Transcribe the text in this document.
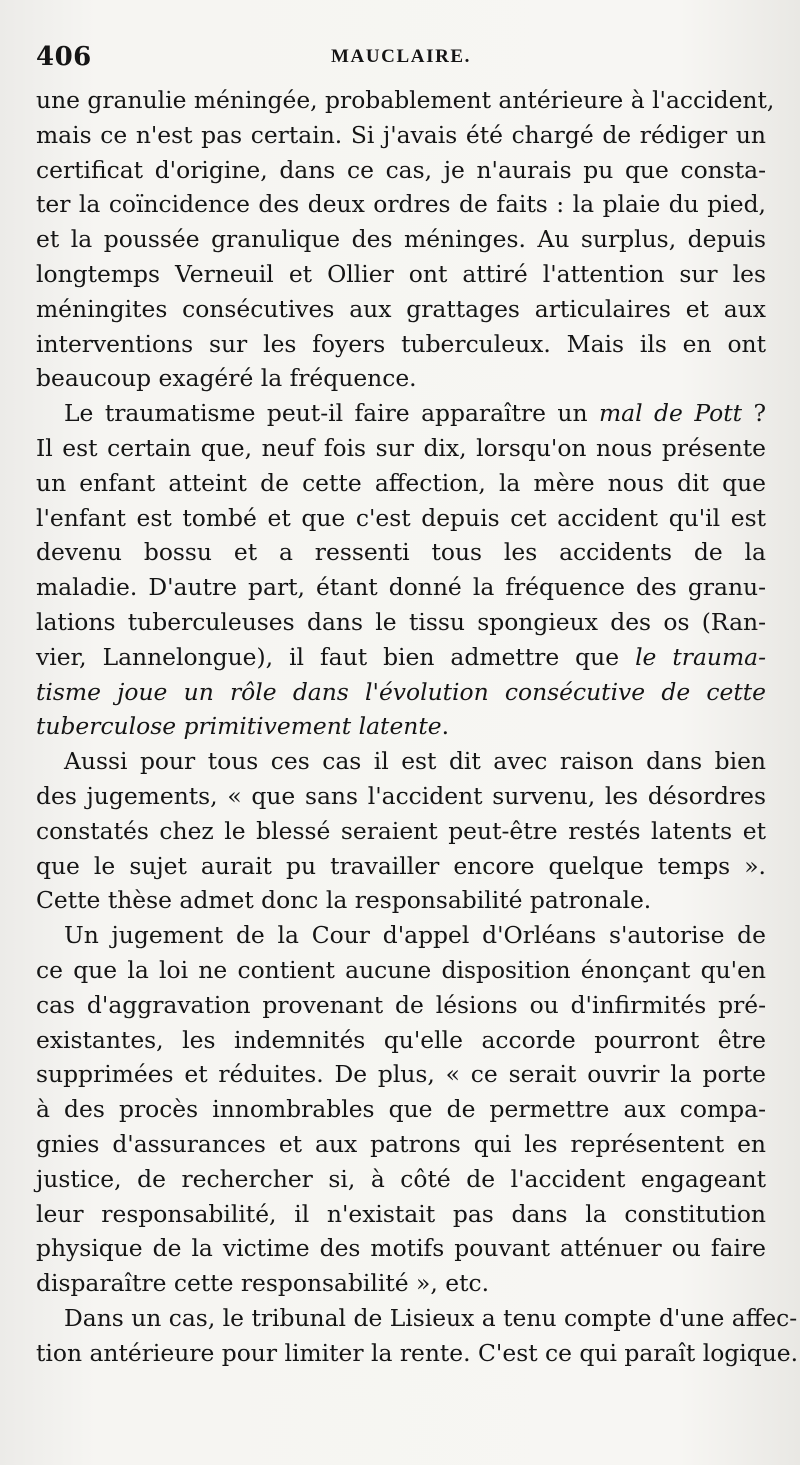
406	MAUCLAIRE.
une granulie méningée, probablement antérieure à l'accident,
mais ce n'est pas certain. Si j'avais été chargé de rédiger un
certificat d'origine, dans ce cas, je n'aurais pu que consta-
ter la coïncidence des deux ordres de faits : la plaie du pied,
et la poussée granulique des méninges. Au surplus, depuis
longtemps Verneuil et Ollier ont attiré l'attention sur les
méningites consécutives aux grattages articulaires et aux
interventions sur les foyers tuberculeux. Mais ils en ont
beaucoup exagéré la fréquence.
Le traumatisme peut-il faire apparaître un mal de Pott ?
Il est certain que, neuf fois sur dix, lorsqu'on nous présente
un enfant atteint de cette affection, la mère nous dit que
l'enfant est tombé et que c'est depuis cet accident qu'il est
devenu bossu et a ressenti tous les accidents de la
maladie. D'autre part, étant donné la fréquence des granu-
lations tuberculeuses dans le tissu spongieux des os (Ran-
vier, Lannelongue), il faut bien admettre que le trauma-
tisme joue un rôle dans l'évolution consécutive de cette
tuberculose primitivement latente.
Aussi pour tous ces cas il est dit avec raison dans bien
des jugements, « que sans l'accident survenu, les désordres
constatés chez le blessé seraient peut-être restés latents et
que le sujet aurait pu travailler encore quelque temps ».
Cette thèse admet donc la responsabilité patronale.
Un jugement de la Cour d'appel d'Orléans s'autorise de
ce que la loi ne contient aucune disposition énonçant qu'en
cas d'aggravation provenant de lésions ou d'infirmités pré-
existantes, les indemnités qu'elle accorde pourront être
supprimées et réduites. De plus, « ce serait ouvrir la porte
à des procès innombrables que de permettre aux compa-
gnies d'assurances et aux patrons qui les représentent en
justice, de rechercher si, à côté de l'accident engageant
leur responsabilité, il n'existait pas dans la constitution
physique de la victime des motifs pouvant atténuer ou faire
disparaître cette responsabilité », etc.
Dans un cas, le tribunal de Lisieux a tenu compte d'une affec-
tion antérieure pour limiter la rente. C'est ce qui paraît logique.
